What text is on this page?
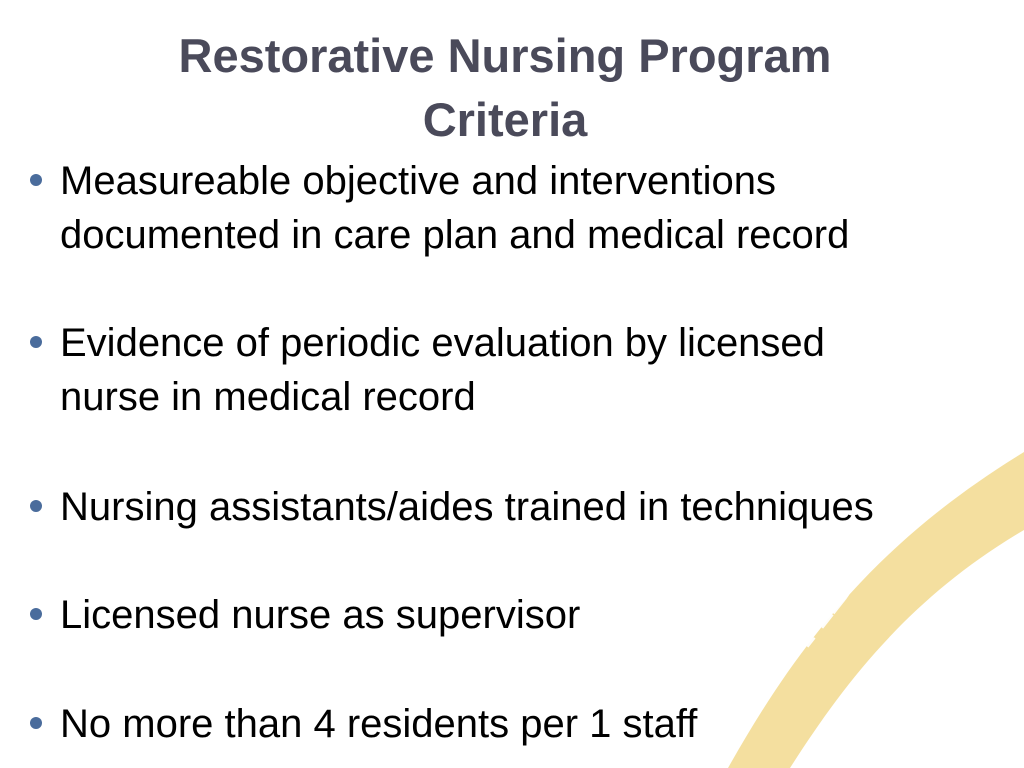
AD ASTRA
Restorative Nursing Program
Criteria
Measureable objective and interventions
documented in care plan and medical record
Evidence of periodic evaluation by licensed
nurse in medical record
Nursing assistants/aides trained in techniques
Licensed nurse as supervisor
No more than 4 residents per 1 staff
